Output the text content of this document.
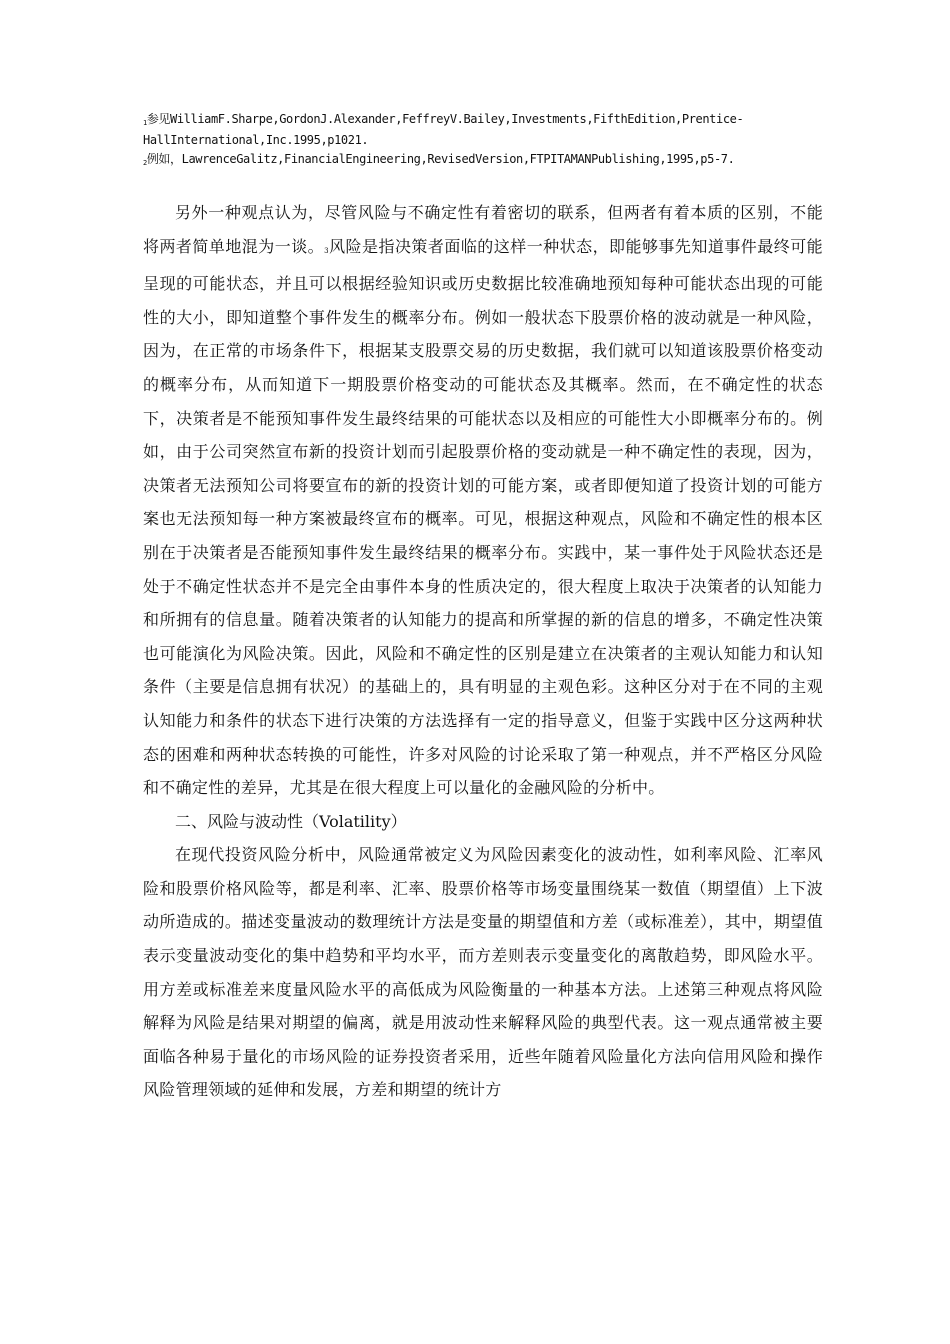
1参见WilliamF.Sharpe,GordonJ.Alexander,FeffreyV.Bailey,Investments,FifthEdition,Prentice-

HallInternational,Inc.1995,p1021.

2例如，LawrenceGalitz,FinancialEngineering,RevisedVersion,FTPITAMANPublishing,1995,p5-7.

另外一种观点认为，尽管风险与不确定性有着密切的联系，但两者有着本质的区别，不能将两者简单地混为一谈。3风险是指决策者面临的这样一种状态，即能够事先知道事件最终可能呈现的可能状态，并且可以根据经验知识或历史数据比较准确地预知每种可能状态出现的可能性的大小，即知道整个事件发生的概率分布。例如一般状态下股票价格的波动就是一种风险，因为，在正常的市场条件下，根据某支股票交易的历史数据，我们就可以知道该股票价格变动的概率分布，从而知道下一期股票价格变动的可能状态及其概率。然而，在不确定性的状态下，决策者是不能预知事件发生最终结果的可能状态以及相应的可能性大小即概率分布的。例如，由于公司突然宣布新的投资计划而引起股票价格的变动就是一种不确定性的表现，因为，决策者无法预知公司将要宣布的新的投资计划的可能方案，或者即便知道了投资计划的可能方案也无法预知每一种方案被最终宣布的概率。可见，根据这种观点，风险和不确定性的根本区别在于决策者是否能预知事件发生最终结果的概率分布。实践中，某一事件处于风险状态还是处于不确定性状态并不是完全由事件本身的性质决定的，很大程度上取决于决策者的认知能力和所拥有的信息量。随着决策者的认知能力的提高和所掌握的新的信息的增多，不确定性决策也可能演化为风险决策。因此，风险和不确定性的区别是建立在决策者的主观认知能力和认知条件（主要是信息拥有状况）的基础上的，具有明显的主观色彩。这种区分对于在不同的主观认知能力和条件的状态下进行决策的方法选择有一定的指导意义，但鉴于实践中区分这两种状态的困难和两种状态转换的可能性，许多对风险的讨论采取了第一种观点，并不严格区分风险和不确定性的差异，尤其是在很大程度上可以量化的金融风险的分析中。

二、风险与波动性（Volatility）

在现代投资风险分析中，风险通常被定义为风险因素变化的波动性，如利率风险、汇率风险和股票价格风险等，都是利率、汇率、股票价格等市场变量围绕某一数值（期望值）上下波动所造成的。描述变量波动的数理统计方法是变量的期望值和方差（或标准差），其中，期望值表示变量波动变化的集中趋势和平均水平，而方差则表示变量变化的离散趋势，即风险水平。用方差或标准差来度量风险水平的高低成为风险衡量的一种基本方法。上述第三种观点将风险解释为风险是结果对期望的偏离，就是用波动性来解释风险的典型代表。这一观点通常被主要面临各种易于量化的市场风险的证券投资者采用，近些年随着风险量化方法向信用风险和操作风险管理领域的延伸和发展，方差和期望的统计方
